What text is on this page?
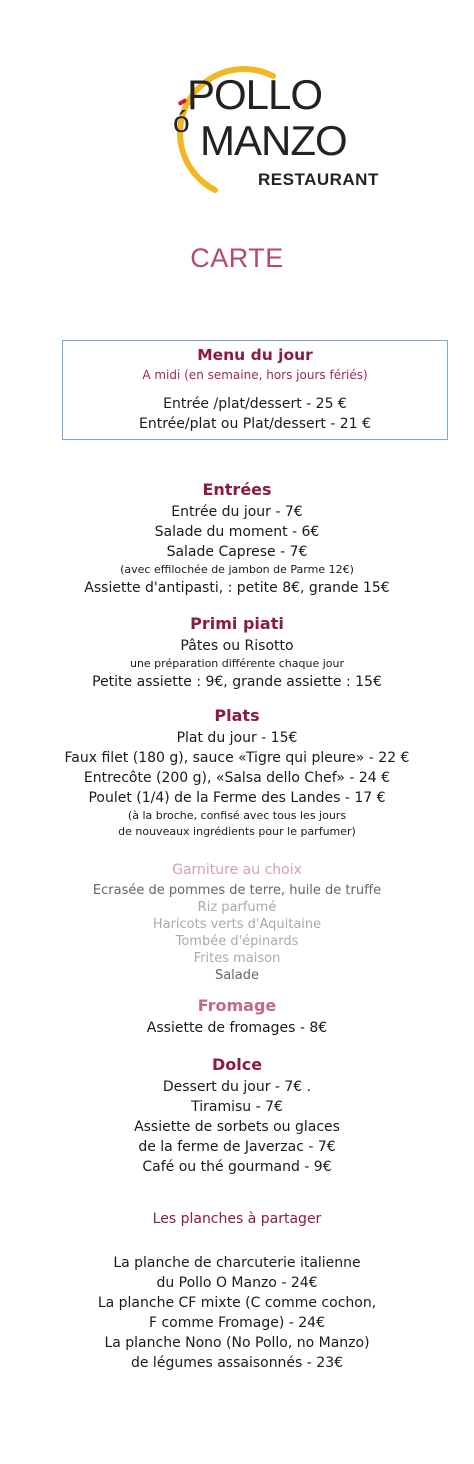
ó
POLLO
MANZO
RESTAURANT
CARTE
Menu du jour
A midi (en semaine, hors jours fériés)
Entrée /plat/dessert - 25 €
Entrée/plat ou Plat/dessert - 21 €
Entrées
Entrée du jour - 7€
Salade du moment - 6€
Salade Caprese - 7€
(avec effilochée de jambon de Parme 12€)
Assiette d'antipasti, : petite 8€, grande 15€
Primi piati
Pâtes ou Risotto
une préparation différente chaque jour
Petite assiette : 9€, grande assiette : 15€
Plats
Plat du jour - 15€
Faux filet (180 g), sauce «Tigre qui pleure» - 22 €
Entrecôte (200 g), «Salsa dello Chef» - 24 €
Poulet (1/4) de la Ferme des Landes - 17 €
(à la broche, confisé avec tous les jours
de nouveaux ingrédients pour le parfumer)
Garniture au choix
Ecrasée de pommes de terre, huile de truffe
Riz parfumé
Haricots verts d'Aquitaine
Tombée d'épinards
Frites maison
Salade
Fromage
Assiette de fromages - 8€
Dolce
Dessert du jour - 7€ .
Tiramisu - 7€
Assiette de sorbets ou glaces
de la ferme de Javerzac - 7€
Café ou thé gourmand - 9€
Les planches à partager
La planche de charcuterie italienne
du Pollo O Manzo - 24€
La planche CF mixte (C comme cochon,
F comme Fromage) - 24€
La planche Nono (No Pollo, no Manzo)
de légumes assaisonnés - 23€
